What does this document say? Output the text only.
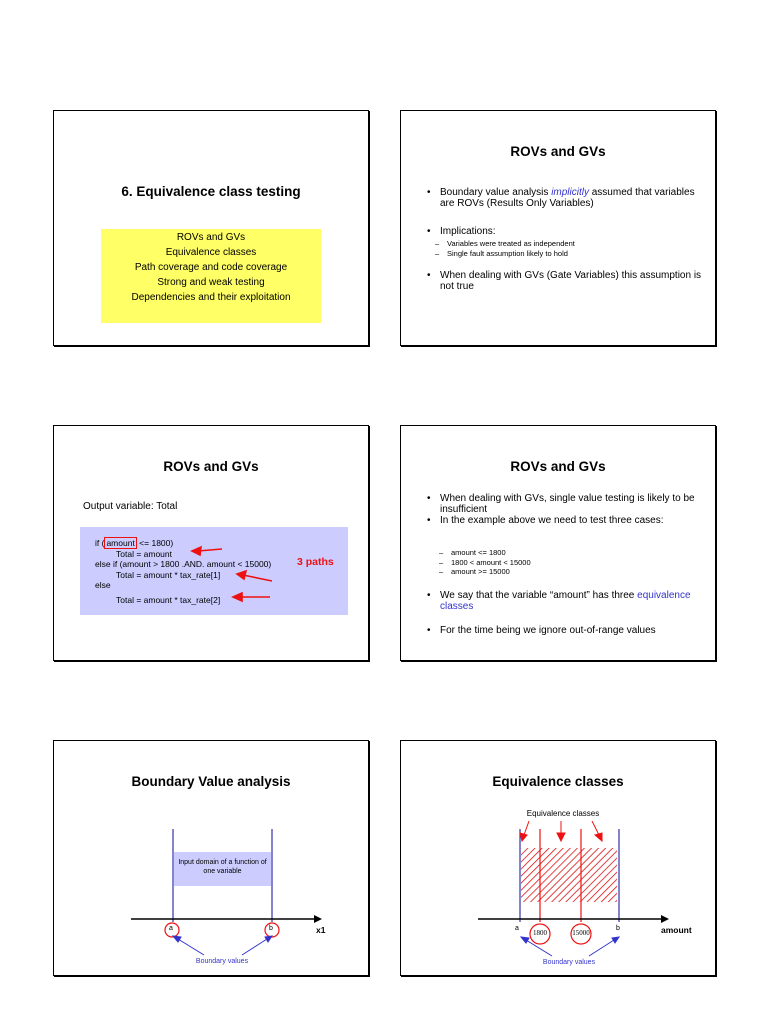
6. Equivalence class testing
ROVs and GVs
Equivalence classes
Path coverage and code coverage
Strong and weak testing
Dependencies and their exploitation
ROVs and GVs
• Boundary value analysis implicitly assumed that variables are ROVs (Results Only Variables)
• Implications:
– Variables were treated as independent
– Single fault assumption likely to hold
• When dealing with GVs (Gate Variables) this assumption is not true
ROVs and GVs
Output variable: Total
if ( amount <= 1800)
Total = amount
else if (amount > 1800 .AND. amount < 15000)
Total = amount * tax_rate[1]
else
Total = amount * tax_rate[2]
3 paths
ROVs and GVs
• When dealing with GVs, single value testing is likely to be insufficient
• In the example above we need to test three cases:
– amount <= 1800
– 1800 < amount < 15000
– amount >= 15000
• We say that the variable “amount” has three equivalence classes
• For the time being we ignore out-of-range values
Boundary Value analysis
Input domain of a function of one variable
a	b	x1
Boundary values
Equivalence classes
Equivalence classes
a
1800	15000
b	amount
Boundary values
